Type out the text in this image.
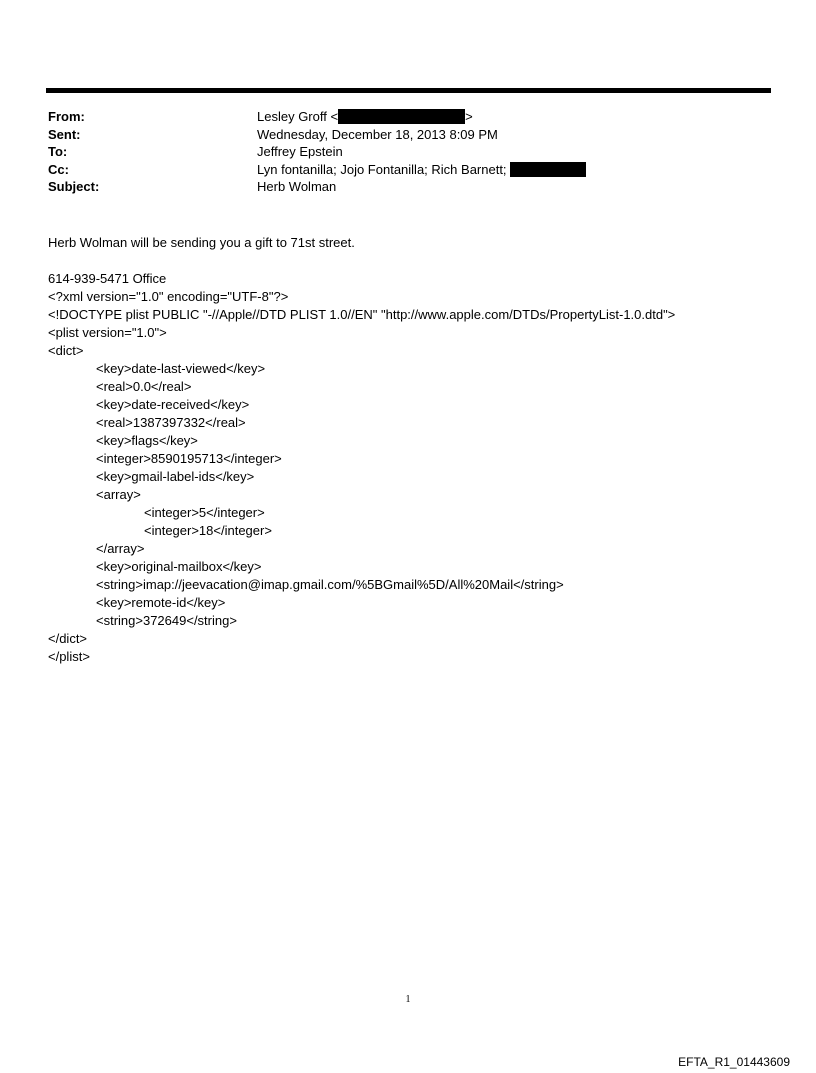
From:	Lesley Groff <	>
Sent:	Wednesday, December 18, 2013 8:09 PM
To:	Jeffrey Epstein
Cc:	Lyn fontanilla; Jojo Fontanilla; Rich Barnett;
Subject:	Herb Wolman
Herb Wolman will be sending you a gift to 71st street.
614-939-5471 Office
<?xml version="1.0" encoding="UTF-8"?>
<!DOCTYPE plist PUBLIC "-//Apple//DTD PLIST 1.0//EN" "http://www.apple.com/DTDs/PropertyList-1.0.dtd">
<plist version="1.0">
<dict>
<key>date-last-viewed</key>
<real>0.0</real>
<key>date-received</key>
<real>1387397332</real>
<key>flags</key>
<integer>8590195713</integer>
<key>gmail-label-ids</key>
<array>
<integer>5</integer>
<integer>18</integer>
</array>
<key>original-mailbox</key>
<string>imap://jeevacation@imap.gmail.com/%5BGmail%5D/All%20Mail</string>
<key>remote-id</key>
<string>372649</string>
</dict>
</plist>
1
EFTA_R1_01443609
